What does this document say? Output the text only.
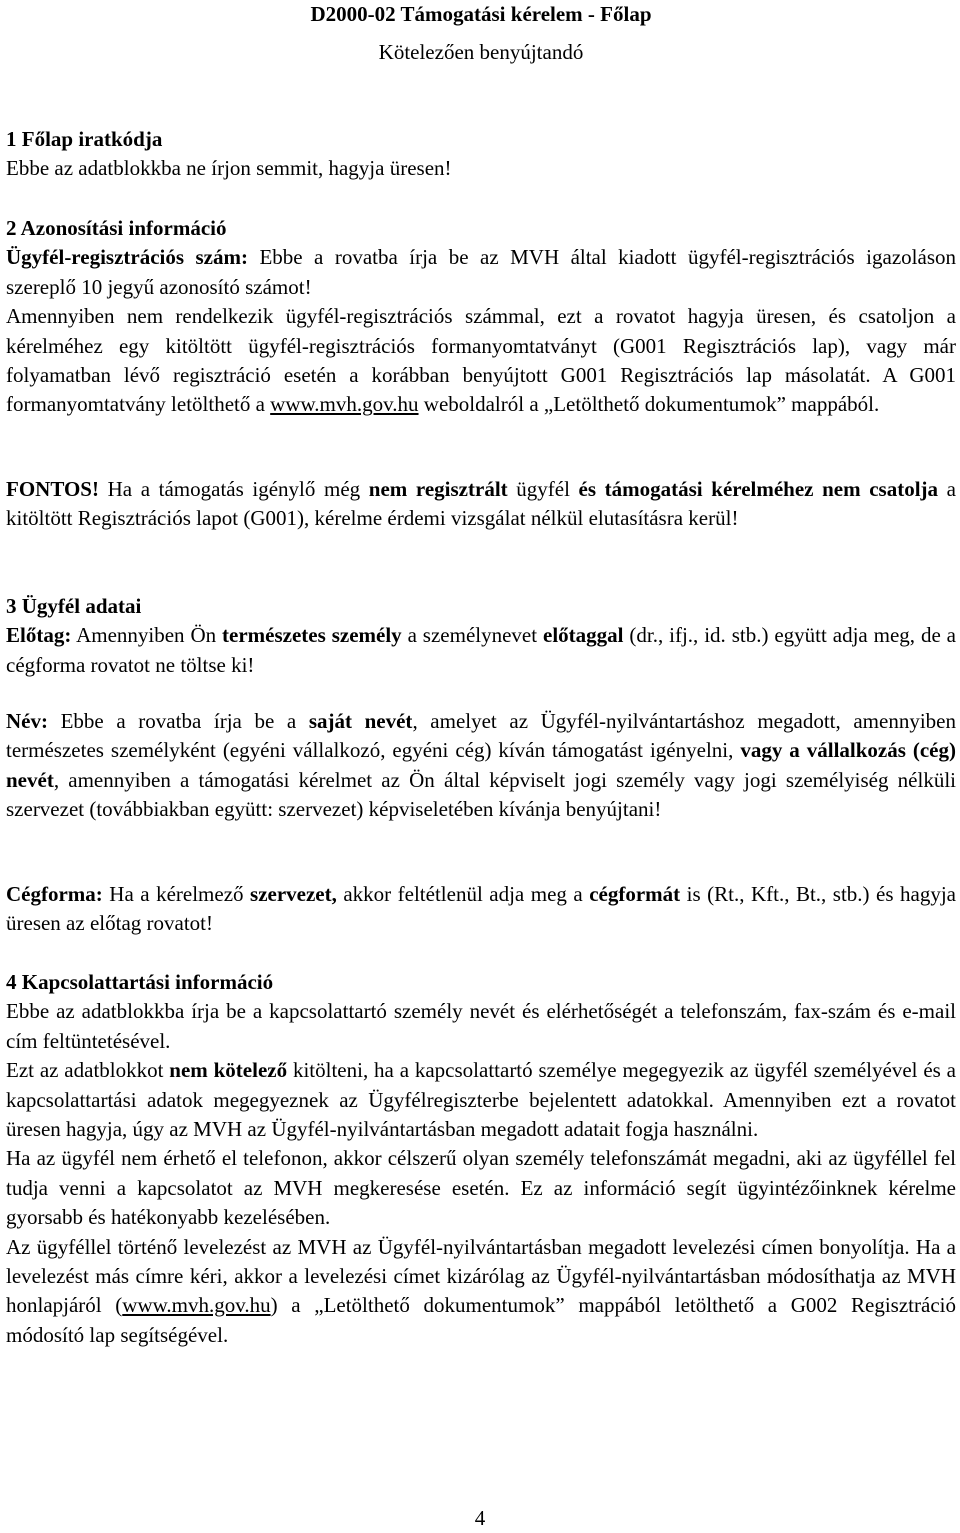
D2000-02 Támogatási kérelem - Főlap
Kötelezően benyújtandó
1 Főlap iratkódja
Ebbe az adatblokkba ne írjon semmit, hagyja üresen!
2 Azonosítási információ
Ügyfél-regisztrációs szám: Ebbe a rovatba írja be az MVH által kiadott ügyfél-regisztrációs igazoláson szereplő 10 jegyű azonosító számot!
Amennyiben nem rendelkezik ügyfél-regisztrációs számmal, ezt a rovatot hagyja üresen, és csatoljon a kérelméhez egy kitöltött ügyfél-regisztrációs formanyomtatványt (G001 Regisztrációs lap), vagy már folyamatban lévő regisztráció esetén a korábban benyújtott G001 Regisztrációs lap másolatát. A G001 formanyomtatvány letölthető a www.mvh.gov.hu weboldalról a „Letölthető dokumentumok” mappából.
FONTOS! Ha a támogatás igénylő még nem regisztrált ügyfél és támogatási kérelméhez nem csatolja a kitöltött Regisztrációs lapot (G001), kérelme érdemi vizsgálat nélkül elutasításra kerül!
3 Ügyfél adatai
Előtag: Amennyiben Ön természetes személy a személynevet előtaggal (dr., ifj., id. stb.) együtt adja meg, de a cégforma rovatot ne töltse ki!
Név: Ebbe a rovatba írja be a saját nevét, amelyet az Ügyfél-nyilvántartáshoz megadott, amennyiben természetes személyként (egyéni vállalkozó, egyéni cég) kíván támogatást igényelni, vagy a vállalkozás (cég) nevét, amennyiben a támogatási kérelmet az Ön által képviselt jogi személy vagy jogi személyiség nélküli szervezet (továbbiakban együtt: szervezet) képviseletében kívánja benyújtani!
Cégforma: Ha a kérelmező szervezet, akkor feltétlenül adja meg a cégformát is (Rt., Kft., Bt., stb.) és hagyja üresen az előtag rovatot!
4 Kapcsolattartási információ
Ebbe az adatblokkba írja be a kapcsolattartó személy nevét és elérhetőségét a telefonszám, fax-szám és e-mail cím feltüntetésével.
Ezt az adatblokkot nem kötelező kitölteni, ha a kapcsolattartó személye megegyezik az ügyfél személyével és a kapcsolattartási adatok megegyeznek az Ügyfélregiszterbe bejelentett adatokkal. Amennyiben ezt a rovatot üresen hagyja, úgy az MVH az Ügyfél-nyilvántartásban megadott adatait fogja használni.
Ha az ügyfél nem érhető el telefonon, akkor célszerű olyan személy telefonszámát megadni, aki az ügyféllel fel tudja venni a kapcsolatot az MVH megkeresése esetén. Ez az információ segít ügyintézőinknek kérelme gyorsabb és hatékonyabb kezelésében.
Az ügyféllel történő levelezést az MVH az Ügyfél-nyilvántartásban megadott levelezési címen bonyolítja. Ha a levelezést más címre kéri, akkor a levelezési címet kizárólag az Ügyfél-nyilvántartásban módosíthatja az MVH honlapjáról (www.mvh.gov.hu) a „Letölthető dokumentumok” mappából letölthető a G002 Regisztráció módosító lap segítségével.
4
